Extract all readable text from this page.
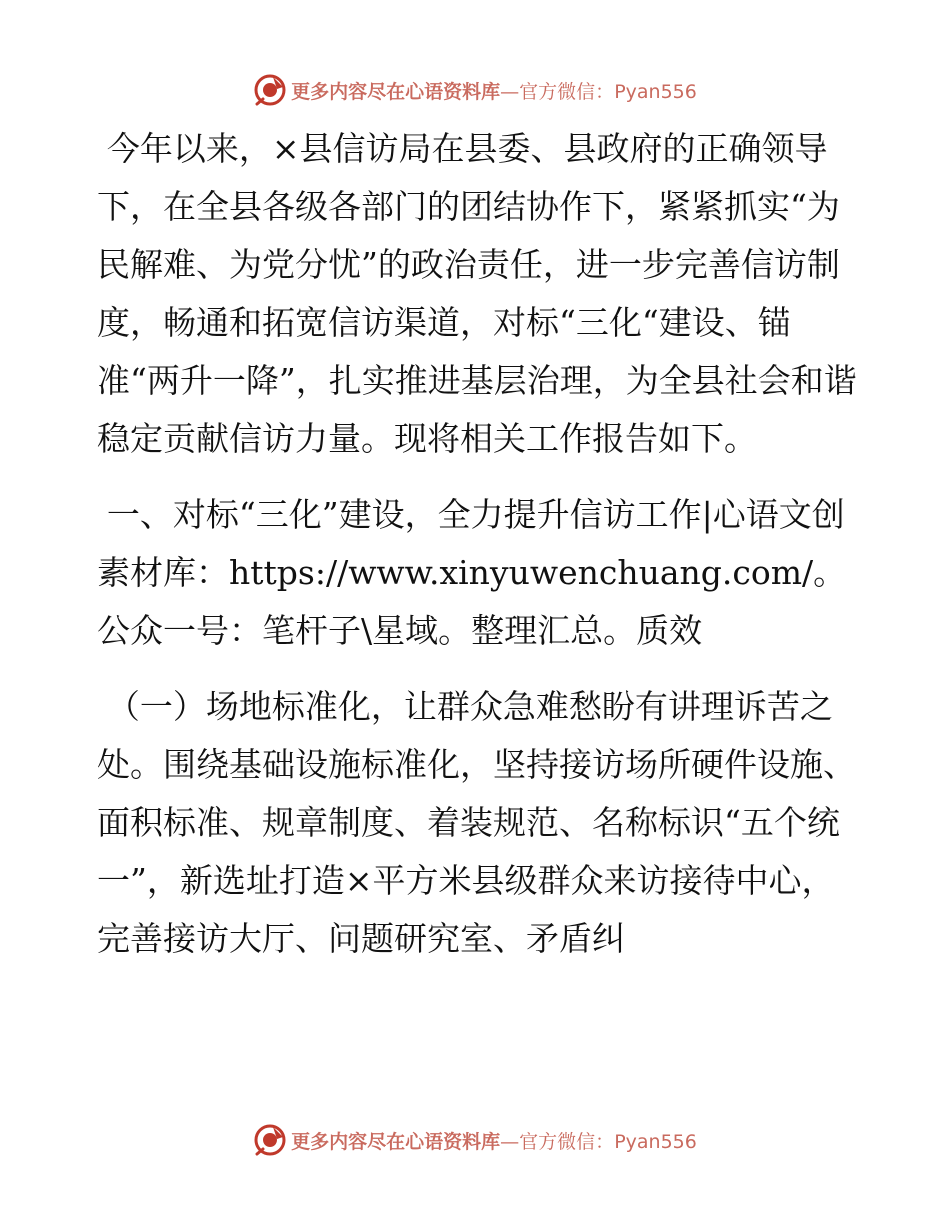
更多内容尽在心语资料库—官方微信：Pyan556

今年以来，×县信访局在县委、县政府的正确领导下，在全县各级各部门的团结协作下，紧紧抓实“为民解难、为党分忧”的政治责任，进一步完善信访制度，畅通和拓宽信访渠道，对标“三化“建设、锚准“两升一降”，扎实推进基层治理，为全县社会和谐稳定贡献信访力量。现将相关工作报告如下。

一、对标“三化”建设，全力提升信访工作|心语文创素材库：https://www.xinyuwenchuang.com/。公众一号：笔杆子\星域。整理汇总。质效

（一）场地标准化，让群众急难愁盼有讲理诉苦之处。围绕基础设施标准化，坚持接访场所硬件设施、面积标准、规章制度、着装规范、名称标识“五个统一”，新选址打造×平方米县级群众来访接待中心，完善接访大厅、问题研究室、矛盾纠

更多内容尽在心语资料库—官方微信：Pyan556
